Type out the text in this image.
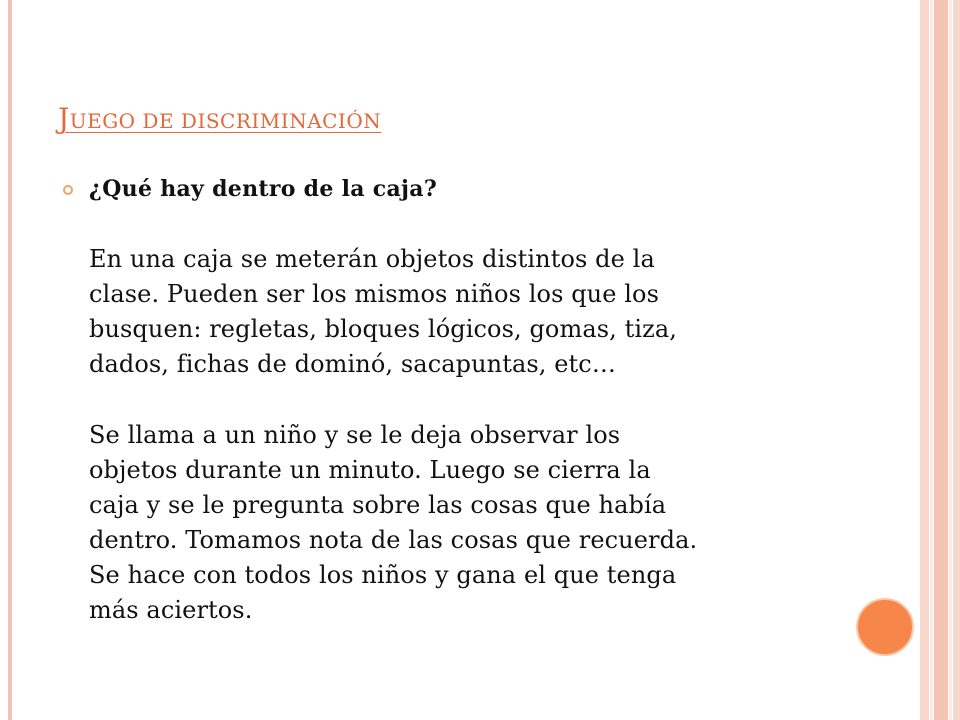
JUEGO DE DISCRIMINACIÓN
¿Qué hay dentro de la caja?

En una caja se meterán objetos distintos de la
clase. Pueden ser los mismos niños los que los
busquen: regletas, bloques lógicos, gomas, tiza,
dados, fichas de dominó, sacapuntas, etc…

Se llama a un niño y se le deja observar los
objetos durante un minuto. Luego se cierra la
caja y se le pregunta sobre las cosas que había
dentro. Tomamos nota de las cosas que recuerda.
Se hace con todos los niños y gana el que tenga
más aciertos.
